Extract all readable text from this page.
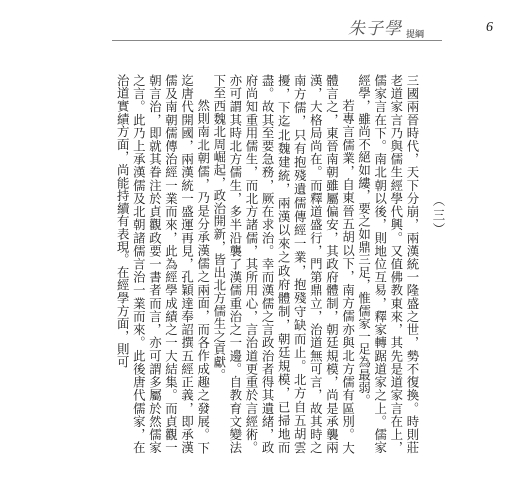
朱子學 提綱	6
（三）

三國兩晉時代，天下分崩，兩漢統一隆盛之世，勢不復換。時則莊老道家言乃與儒生經學代興。又值佛教東來，其先是道家言在上，儒家言在下。南北朝以後，則地位互易，釋家轉踞道家之上。儒家經學，雖尚不絕如縷，要之如鼎三足，惟儒家一足為最弱。

若專言儒業，自東晉五胡以下，南方儒亦與北方儒有區別。大體言之，東晉南朝雖屬偏安，其政府體制，朝廷規模，尚是承襲兩漢，大格局尚在。而釋道盛行，門第鼎立，治道無可言，故其時之南方儒，只有抱殘遺儒傳經一業，抱殘守缺而止。北方自五胡雲擾，下迄北魏建統，兩漢以來之政府體制，朝廷規模，已掃地而盡。故其至要急務，厥在求治。幸而漢儒之言政治者得其遺緒，政府尚知重用儒生，而北方諸儒，其所用心，言治道更重於言經術。亦可謂其時北方儒生，多半沿襲了漢儒重治之一邊。自教育文變法下至西魏北周崛起，政治開新，皆出北方儒生之貢獻。

然則南北朝儒，乃是分承漢儒之兩面，而各作成趣之發展。下迄唐代開國，兩漢統一盛運再見，孔穎達奉詔撰五經正義，即承漢儒及南朝儒傳治經一業而來，此為經學成績之一大結集。而貞觀一朝言治，即就其眷注於貞觀政要一書者而言，亦可謂多屬於然儒家之言。此乃上承漢儒及北朝諸儒言治一業而來。此後唐代儒家，在治道實績方面，尚能持續有表現。在經學方面，則可
